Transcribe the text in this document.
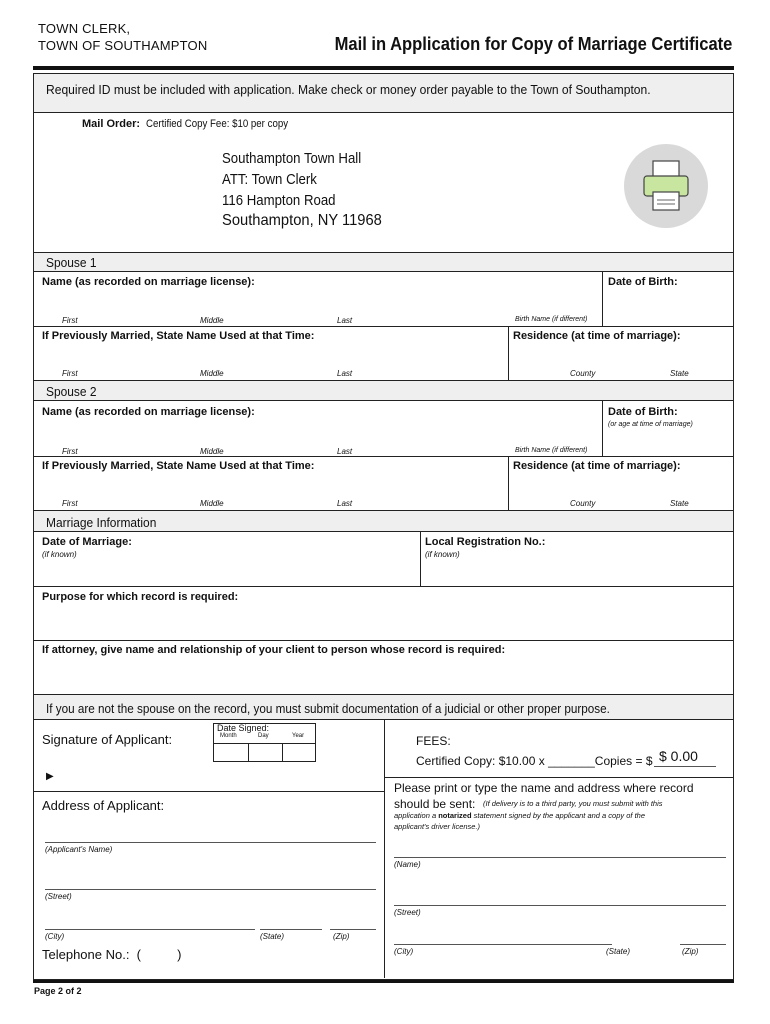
TOWN CLERK,
TOWN OF SOUTHAMPTON	Mail in Application for Copy of Marriage Certificate
Required ID must be included with application. Make check or money order payable to the Town of Southampton.
Mail Order: Certified Copy Fee: $10 per copy
Southampton Town Hall
ATT: Town Clerk
116 Hampton Road
Southampton, NY 11968
Spouse 1
Name (as recorded on marriage license):	Date of Birth:
First	Middle	Last	Birth Name (if different)
If Previously Married, State Name Used at that Time:	Residence (at time of marriage):
First	Middle	Last	County	State
Spouse 2
Name (as recorded on marriage license):	Date of Birth:
(or age at time of marriage)
First	Middle	Last	Birth Name (if different)
If Previously Married, State Name Used at that Time:	Residence (at time of marriage):
First	Middle	Last	County	State
Marriage Information
Date of Marriage:
(if known)
Local Registration No.:
(if known)
Purpose for which record is required:
If attorney, give name and relationship of your client to person whose record is required:
If you are not the spouse on the record, you must submit documentation of a judicial or other proper purpose.
Signature of Applicant:
Date Signed:
Month	Day	Year
▶
FEES:
Certified Copy: $10.00 x _______Copies = $ $ 0.00
Address of Applicant:
(Applicant's Name)
(Street)
(City)	(State)	(Zip)
Telephone No.:  (          )
Please print or type the name and address where record
should be sent: (If delivery is to a third party, you must submit with this
application a notarized statement signed by the applicant and a copy of the
applicant's driver license.)
(Name)
(Street)
(City)	(State)	(Zip)
Page 2 of 2
